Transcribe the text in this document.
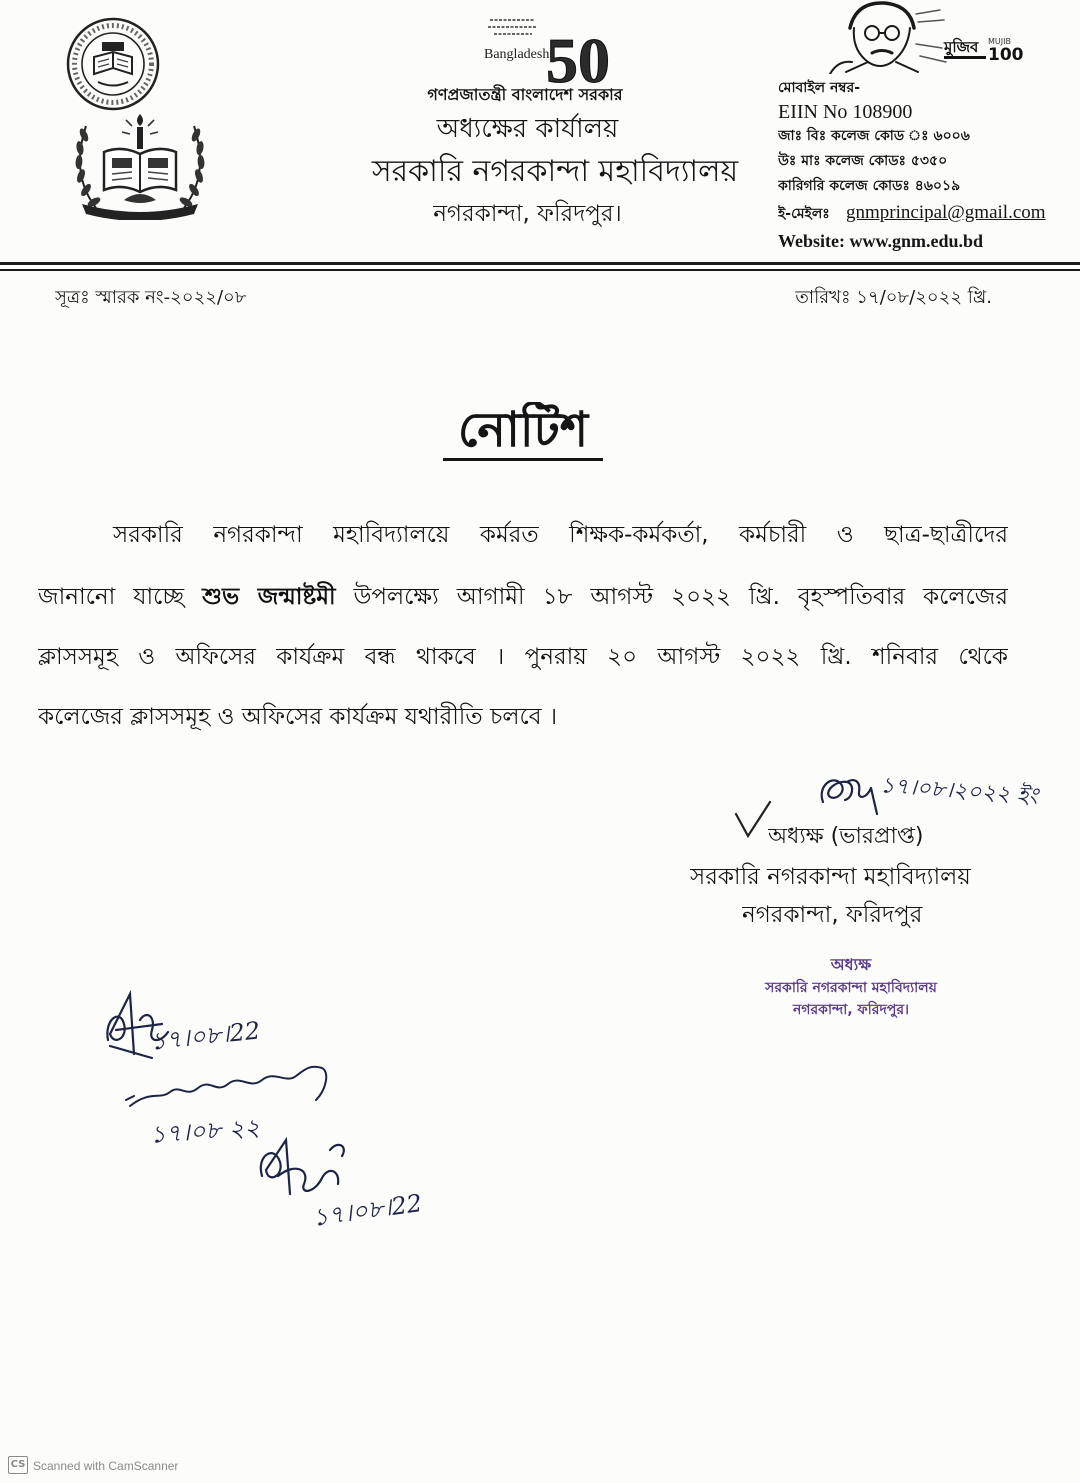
50
Bangladesh	মুজিব MUJIB
100
গণপ্রজাতন্ত্রী বাংলাদেশ সরকার
অধ্যক্ষের কার্যালয়
সরকারি নগরকান্দা মহাবিদ্যালয়
নগরকান্দা, ফরিদপুর।
মোবাইল নম্বর-
EIIN No 108900
জাঃ বিঃ কলেজ কোড ঃ ৬০০৬
উঃ মাঃ কলেজ কোডঃ ৫৩৫০
কারিগরি কলেজ কোডঃ ৪৬০১৯
ই-মেইলঃ gnmprincipal@gmail.com
Website: www.gnm.edu.bd
সূত্রঃ স্মারক নং-২০২২/০৮	তারিখঃ ১৭/০৮/২০২২ খ্রি.
নোটিশ
সরকারি নগরকান্দা মহাবিদ্যালয়ে কর্মরত শিক্ষক-কর্মকর্তা, কর্মচারী ও ছাত্র-ছাত্রীদের
জানানো যাচ্ছে শুভ জন্মাষ্টমী উপলক্ষ্যে আগামী ১৮ আগস্ট ২০২২ খ্রি. বৃহস্পতিবার কলেজের
ক্লাসসমূহ ও অফিসের কার্যক্রম বন্ধ থাকবে । পুনরায় ২০ আগস্ট ২০২২ খ্রি. শনিবার থেকে
কলেজের ক্লাসসমূহ ও অফিসের কার্যক্রম যথারীতি চলবে ।
১৭।০৮।২০২২ ইং
অধ্যক্ষ (ভারপ্রাপ্ত)
সরকারি নগরকান্দা মহাবিদ্যালয়
নগরকান্দা, ফরিদপুর
অধ্যক্ষ
সরকারি নগরকান্দা মহাবিদ্যালয়
নগরকান্দা, ফরিদপুর।
১৭।০৮।22
১৭।০৮ ২২
১৭।০৮।22
CS Scanned with CamScanner
